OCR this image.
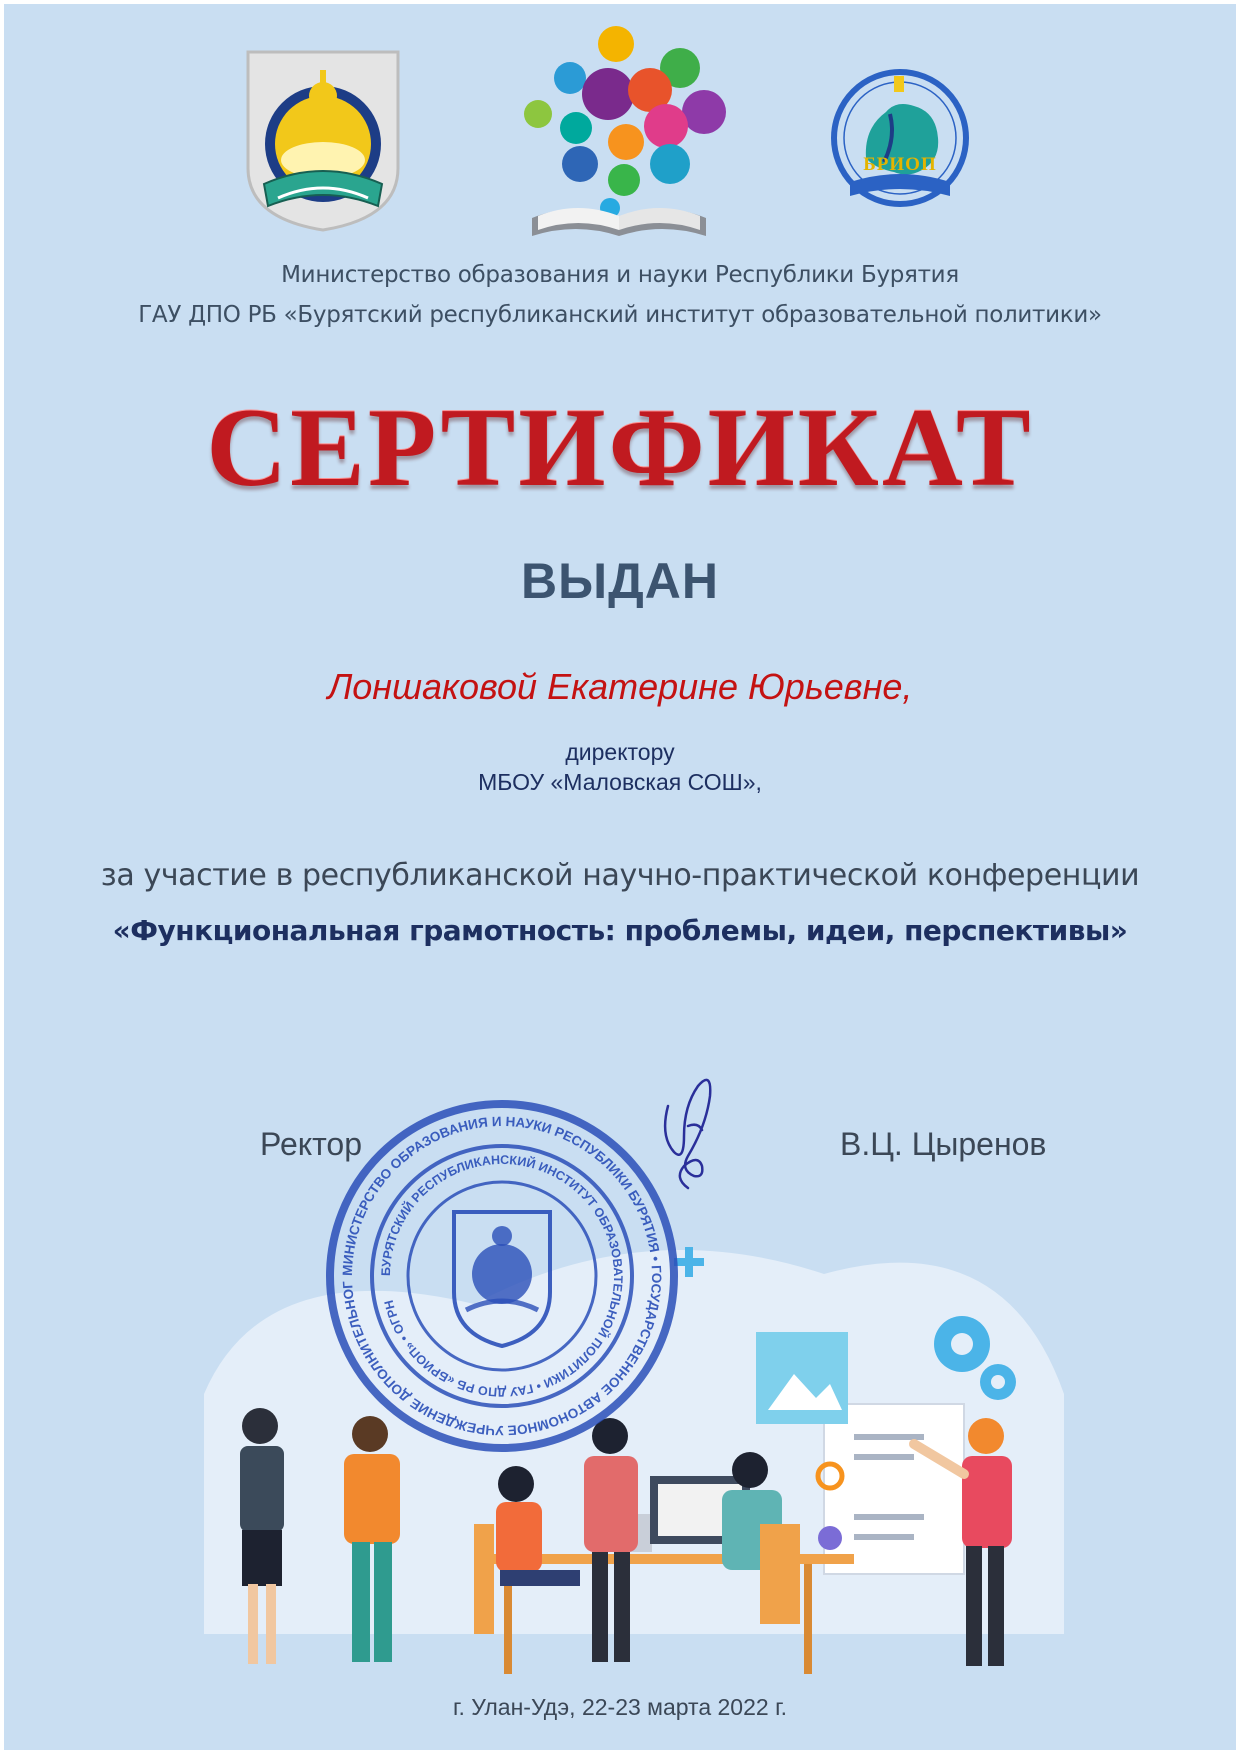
БРИОП
Министерство образования и науки Республики Бурятия
ГАУ ДПО РБ «Бурятский республиканский институт образовательной политики»
СЕРТИФИКАТ
ВЫДАН
Лоншаковой Екатерине Юрьевне,
директору
МБОУ «Маловская СОШ»,
за участие в республиканской научно-практической конференции
«Функциональная грамотность: проблемы, идеи, перспективы»
МИНИСТЕРСТВО ОБРАЗОВАНИЯ И НАУКИ РЕСПУБЛИКИ БУРЯТИЯ • ГОСУДАРСТВЕННОЕ АВТОНОМНОЕ УЧРЕЖДЕНИЕ ДОПОЛНИТЕЛЬНОГ
БУРЯТСКИЙ РЕСПУБЛИКАНСКИЙ ИНСТИТУТ ОБРАЗОВАТЕЛЬНОЙ ПОЛИТИКИ • ГАУ ДПО РБ «БРИОП» • ОГРН
Ректор	В.Ц. Цыренов
г. Улан-Удэ, 22-23 марта 2022 г.
